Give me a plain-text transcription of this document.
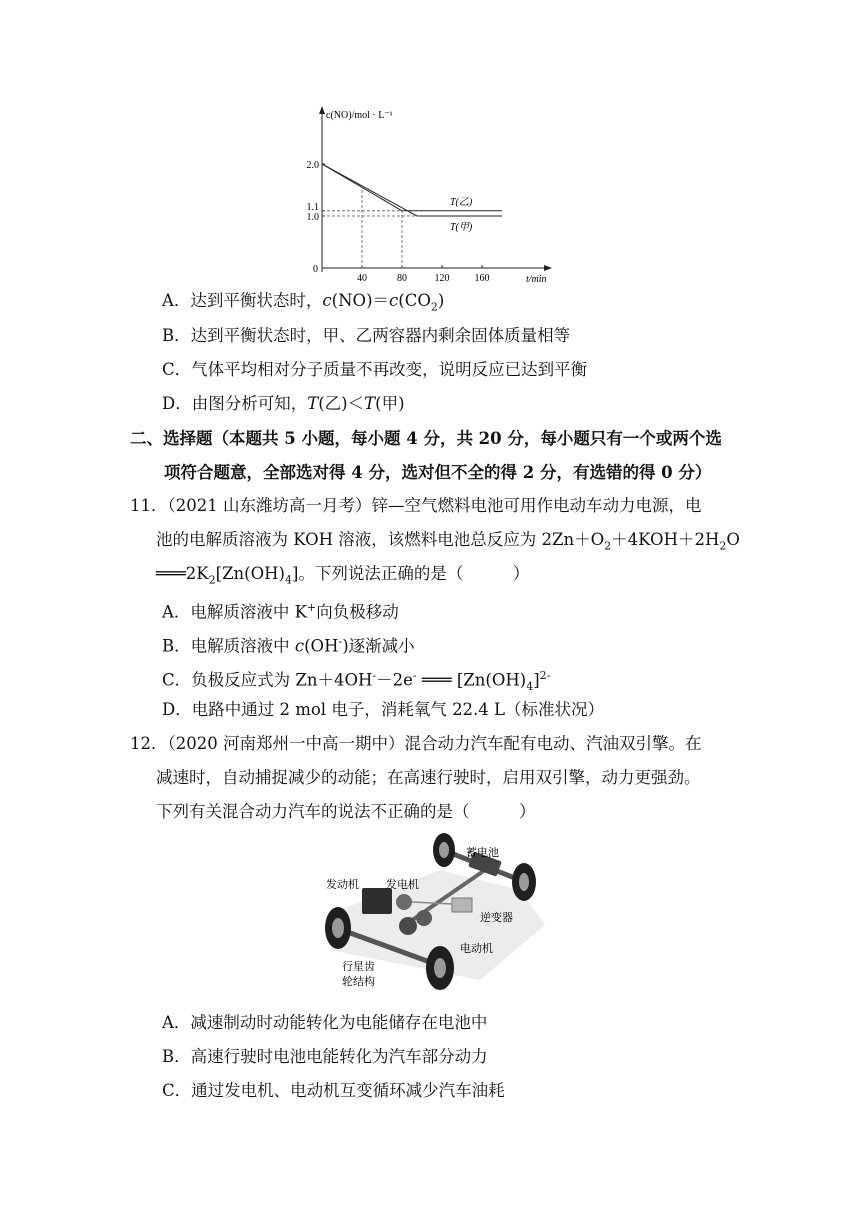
c(NO)/mol · L⁻¹
t/min
0
40	80	120	160
1.0
1.1
2.0
T(乙)
T(甲)
A．达到平衡状态时，$c(NO)=c(CO_2)$
B．达到平衡状态时，甲、乙两容器内剩余固体质量相等
C．气体平均相对分子质量不再改变，说明反应已达到平衡
D．由图分析可知，T(乙)＜T(甲)
二、选择题（本题共 5 小题，每小题 4 分，共 20 分，每小题只有一个或两个选
项符合题意，全部选对得 4 分，选对但不全的得 2 分，有选错的得 0 分）
11．（2021 山东潍坊高一月考）锌—空气燃料电池可用作电动车动力电源，电
池的电解质溶液为 KOH 溶液，该燃料电池总反应为 $2Zn+O_2+4KOH+2H_2O$
$═══2K_2[Zn(OH)_4]$。下列说法正确的是（　　　）
A．电解质溶液中 K+向负极移动
B．电解质溶液中 c(OH-)逐渐减小
C．负极反应式为 Zn＋4OH-－2e- ═══ $[Zn(OH)_4]^{2-}$
D．电路中通过 2 mol 电子，消耗氧气 22.4 L（标准状况）
12．（2020 河南郑州一中高一期中）混合动力汽车配有电动、汽油双引擎。在
减速时，自动捕捉减少的动能；在高速行驶时，启用双引擎，动力更强劲。
下列有关混合动力汽车的说法不正确的是（　　　）
蓄电池
发动机 发电机
逆变器
电动机
行星齿
轮结构
A．减速制动时动能转化为电能储存在电池中
B．高速行驶时电池电能转化为汽车部分动力
C．通过发电机、电动机互变循环减少汽车油耗
